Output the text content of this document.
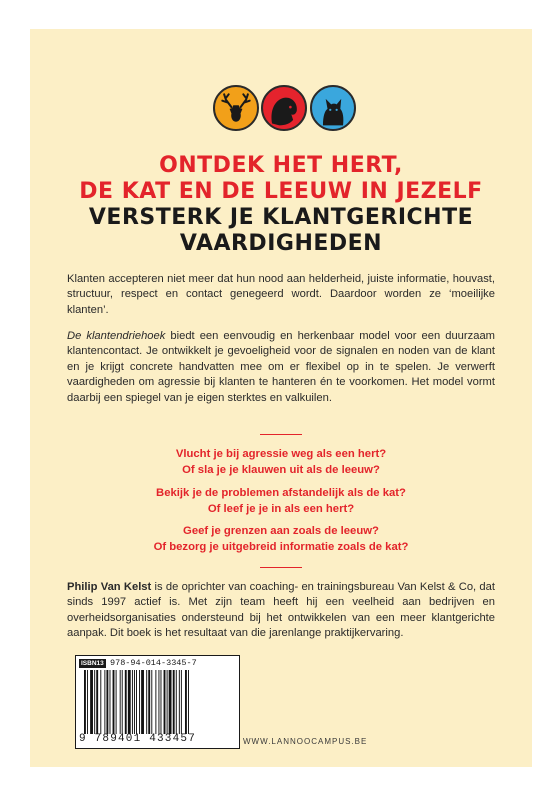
ONTDEK HET HERT,
DE KAT EN DE LEEUW IN JEZELF
VERSTERK JE KLANTGERICHTE
VAARDIGHEDEN

Klanten accepteren niet meer dat hun nood aan helderheid, juiste informatie, houvast, structuur, respect en contact genegeerd wordt. Daardoor worden ze ‘moeilijke klanten’.

De klantendriehoek biedt een eenvoudig en herkenbaar model voor een duurzaam klantencontact. Je ontwikkelt je gevoeligheid voor de signalen en noden van de klant en je krijgt concrete handvatten mee om er flexibel op in te spelen. Je verwerft vaardigheden om agressie bij klanten te hanteren én te voorkomen. Het model vormt daarbij een spiegel van je eigen sterktes en valkuilen.

Vlucht je bij agressie weg als een hert?
Of sla je je klauwen uit als de leeuw?
Bekijk je de problemen afstandelijk als de kat?
Of leef je je in als een hert?
Geef je grenzen aan zoals de leeuw?
Of bezorg je uitgebreid informatie zoals de kat?
Philip Van Kelst is de oprichter van coaching- en trainingsbureau Van Kelst & Co, dat sinds 1997 actief is. Met zijn team heeft hij een veelheid aan bedrijven en overheidsorganisaties ondersteund bij het ontwikkelen van een meer klantgerichte aanpak. Dit boek is het resultaat van die jarenlange praktijkervaring.
ISBN13 978-94-014-3345-7
9 789401 433457	WWW.LANNOOCAMPUS.BE
